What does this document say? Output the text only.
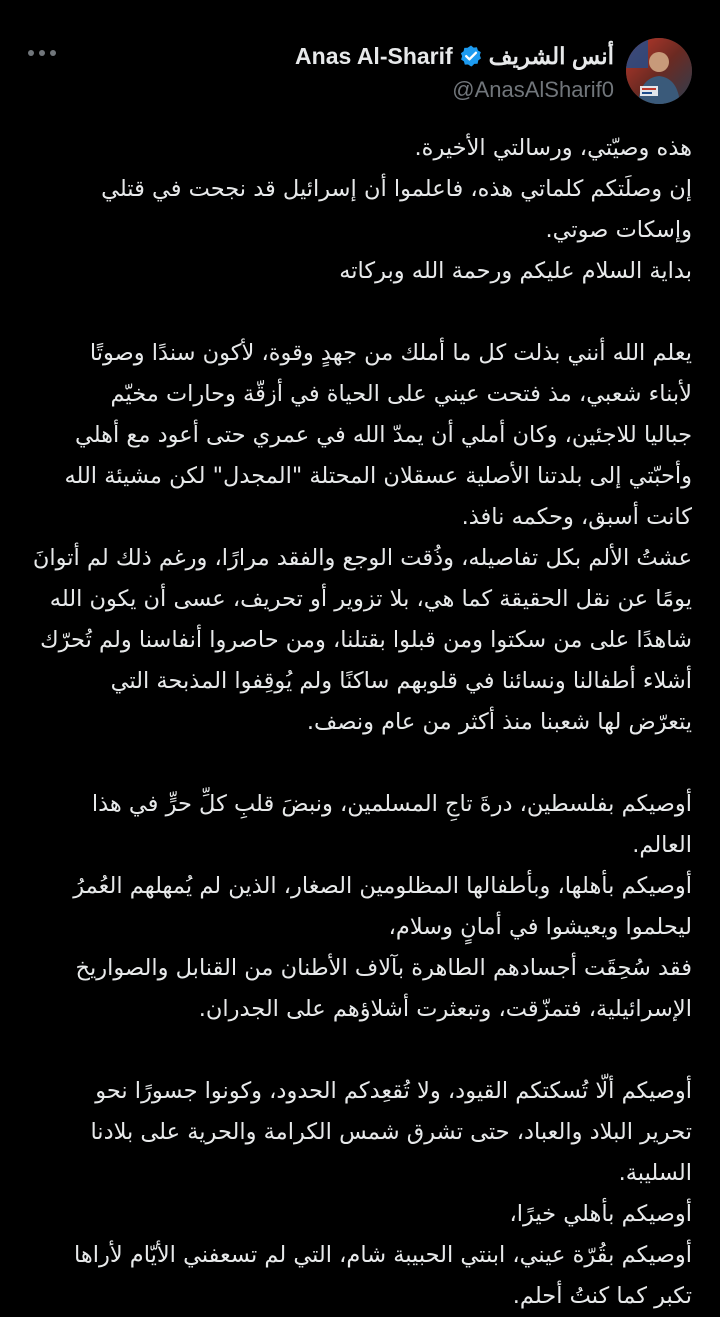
أنس الشريف
Anas Al-Sharif
@AnasAlSharif0

هذه وصيّتي، ورسالتي الأخيرة.
إن وصلَتكم كلماتي هذه، فاعلموا أن إسرائيل قد نجحت في قتلي
وإسكات صوتي.
بداية السلام عليكم ورحمة الله وبركاته
يعلم الله أنني بذلت كل ما أملك من جهدٍ وقوة، لأكون سندًا وصوتًا
لأبناء شعبي، مذ فتحت عيني على الحياة في أزقّة وحارات مخيّم
جباليا للاجئين، وكان أملي أن يمدّ الله في عمري حتى أعود مع أهلي
وأحبّتي إلى بلدتنا الأصلية عسقلان المحتلة "المجدل" لكن مشيئة الله
كانت أسبق، وحكمه نافذ.
عشتُ الألم بكل تفاصيله، وذُقت الوجع والفقد مرارًا، ورغم ذلك لم أتوانَ
يومًا عن نقل الحقيقة كما هي، بلا تزوير أو تحريف، عسى أن يكون الله
شاهدًا على من سكتوا ومن قبلوا بقتلنا، ومن حاصروا أنفاسنا ولم تُحرّك
أشلاء أطفالنا ونسائنا في قلوبهم ساكنًا ولم يُوقِفوا المذبحة التي
يتعرّض لها شعبنا منذ أكثر من عام ونصف.
أوصيكم بفلسطين، درةَ تاجِ المسلمين، ونبضَ قلبِ كلِّ حرٍّ في هذا
العالم.
أوصيكم بأهلها، وبأطفالها المظلومين الصغار، الذين لم يُمهلهم العُمرُ
ليحلموا ويعيشوا في أمانٍ وسلام،
فقد سُحِقَت أجسادهم الطاهرة بآلاف الأطنان من القنابل والصواريخ
الإسرائيلية، فتمزّقت، وتبعثرت أشلاؤهم على الجدران.
أوصيكم ألّا تُسكتكم القيود، ولا تُقعِدكم الحدود، وكونوا جسورًا نحو
تحرير البلاد والعباد، حتى تشرق شمس الكرامة والحرية على بلادنا
السليبة.
أوصيكم بأهلي خيرًا،
أوصيكم بقُرّة عيني، ابنتي الحبيبة شام، التي لم تسعفني الأيّام لأراها
تكبر كما كنتُ أحلم.
